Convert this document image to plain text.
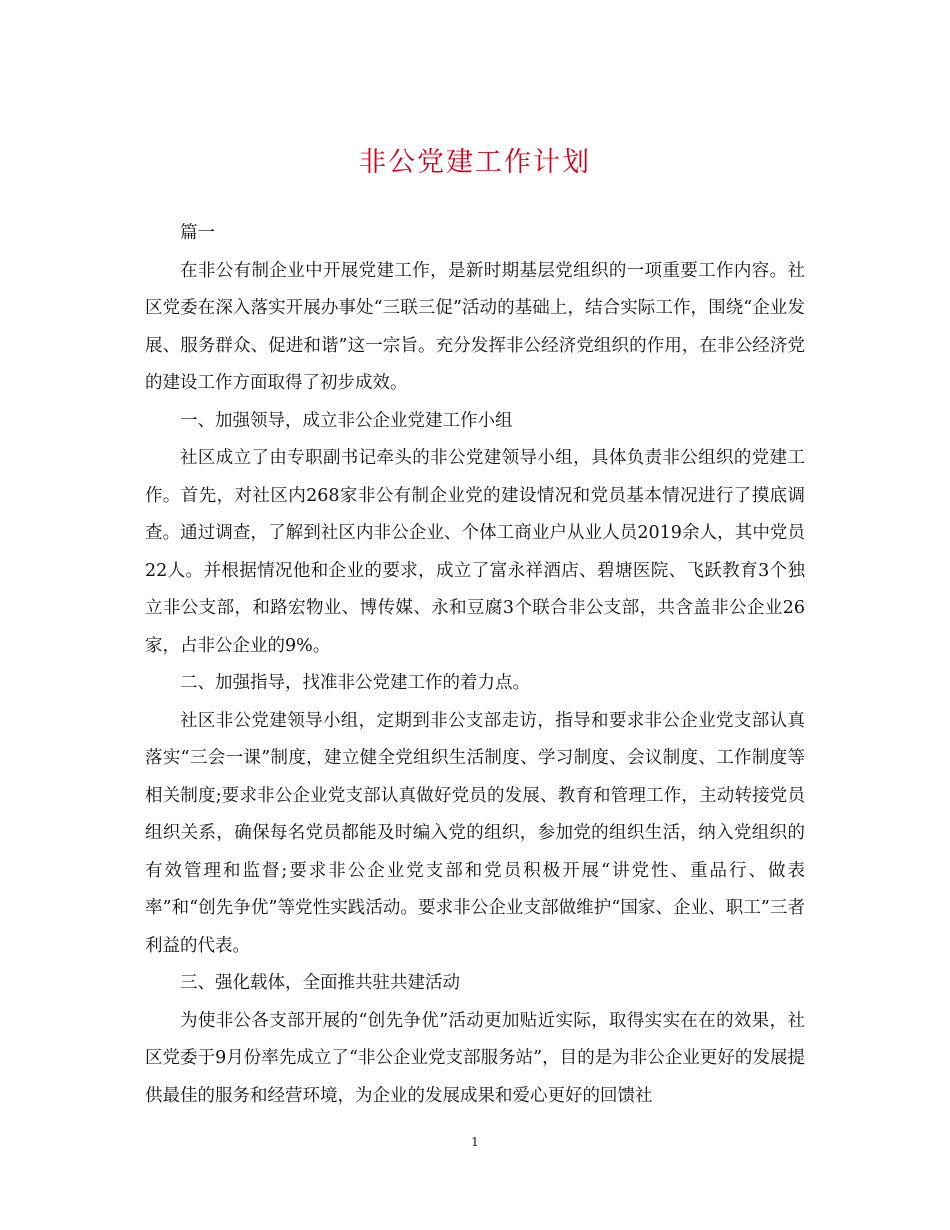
非公党建工作计划

篇一

在非公有制企业中开展党建工作，是新时期基层党组织的一项重要工作内容。社区党委在深入落实开展办事处“三联三促”活动的基础上，结合实际工作，围绕“企业发展、服务群众、促进和谐”这一宗旨。充分发挥非公经济党组织的作用，在非公经济党的建设工作方面取得了初步成效。

一、加强领导，成立非公企业党建工作小组

社区成立了由专职副书记牵头的非公党建领导小组，具体负责非公组织的党建工作。首先，对社区内268家非公有制企业党的建设情况和党员基本情况进行了摸底调查。通过调查，了解到社区内非公企业、个体工商业户从业人员2019余人，其中党员22人。并根据情况他和企业的要求，成立了富永祥酒店、碧塘医院、飞跃教育3个独立非公支部，和路宏物业、博传媒、永和豆腐3个联合非公支部，共含盖非公企业26家，占非公企业的9%。

二、加强指导，找准非公党建工作的着力点。

社区非公党建领导小组，定期到非公支部走访，指导和要求非公企业党支部认真落实“三会一课”制度，建立健全党组织生活制度、学习制度、会议制度、工作制度等相关制度;要求非公企业党支部认真做好党员的发展、教育和管理工作，主动转接党员组织关系，确保每名党员都能及时编入党的组织，参加党的组织生活，纳入党组织的有效管理和监督;要求非公企业党支部和党员积极开展“讲党性、重品行、做表率”和“创先争优”等党性实践活动。要求非公企业支部做维护“国家、企业、职工”三者利益的代表。

三、强化载体，全面推共驻共建活动

为使非公各支部开展的“创先争优”活动更加贴近实际，取得实实在在的效果，社区党委于9月份率先成立了“非公企业党支部服务站”，目的是为非公企业更好的发展提供最佳的服务和经营环境，为企业的发展成果和爱心更好的回馈社

1
